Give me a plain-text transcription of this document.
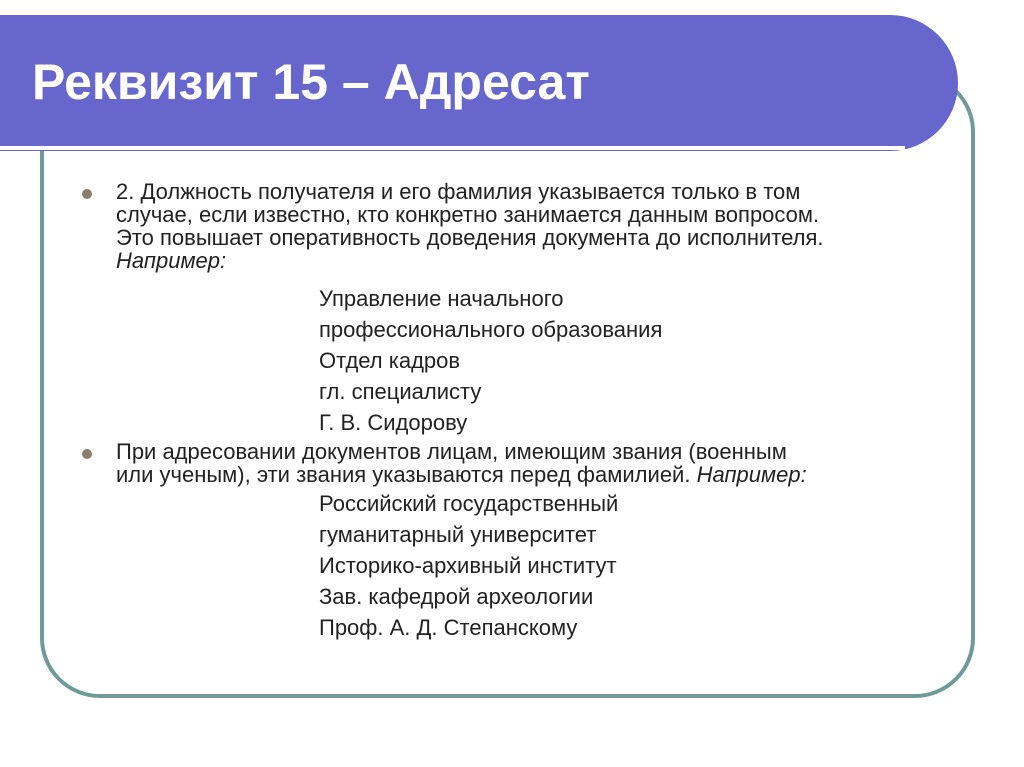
Реквизит 15 – Адресат
2. Должность получателя и его фамилия указывается только в том
случае, если известно, кто конкретно занимается данным вопросом.
Это повышает оперативность доведения документа до исполнителя.
Например:
Управление начального
профессионального образования
Отдел кадров
гл. специалисту
Г. В. Сидорову
При адресовании документов лицам, имеющим звания (военным
или ученым), эти звания указываются перед фамилией. Например:
Российский государственный
гуманитарный университет
Историко-архивный институт
Зав. кафедрой археологии
Проф. А. Д. Степанскому
